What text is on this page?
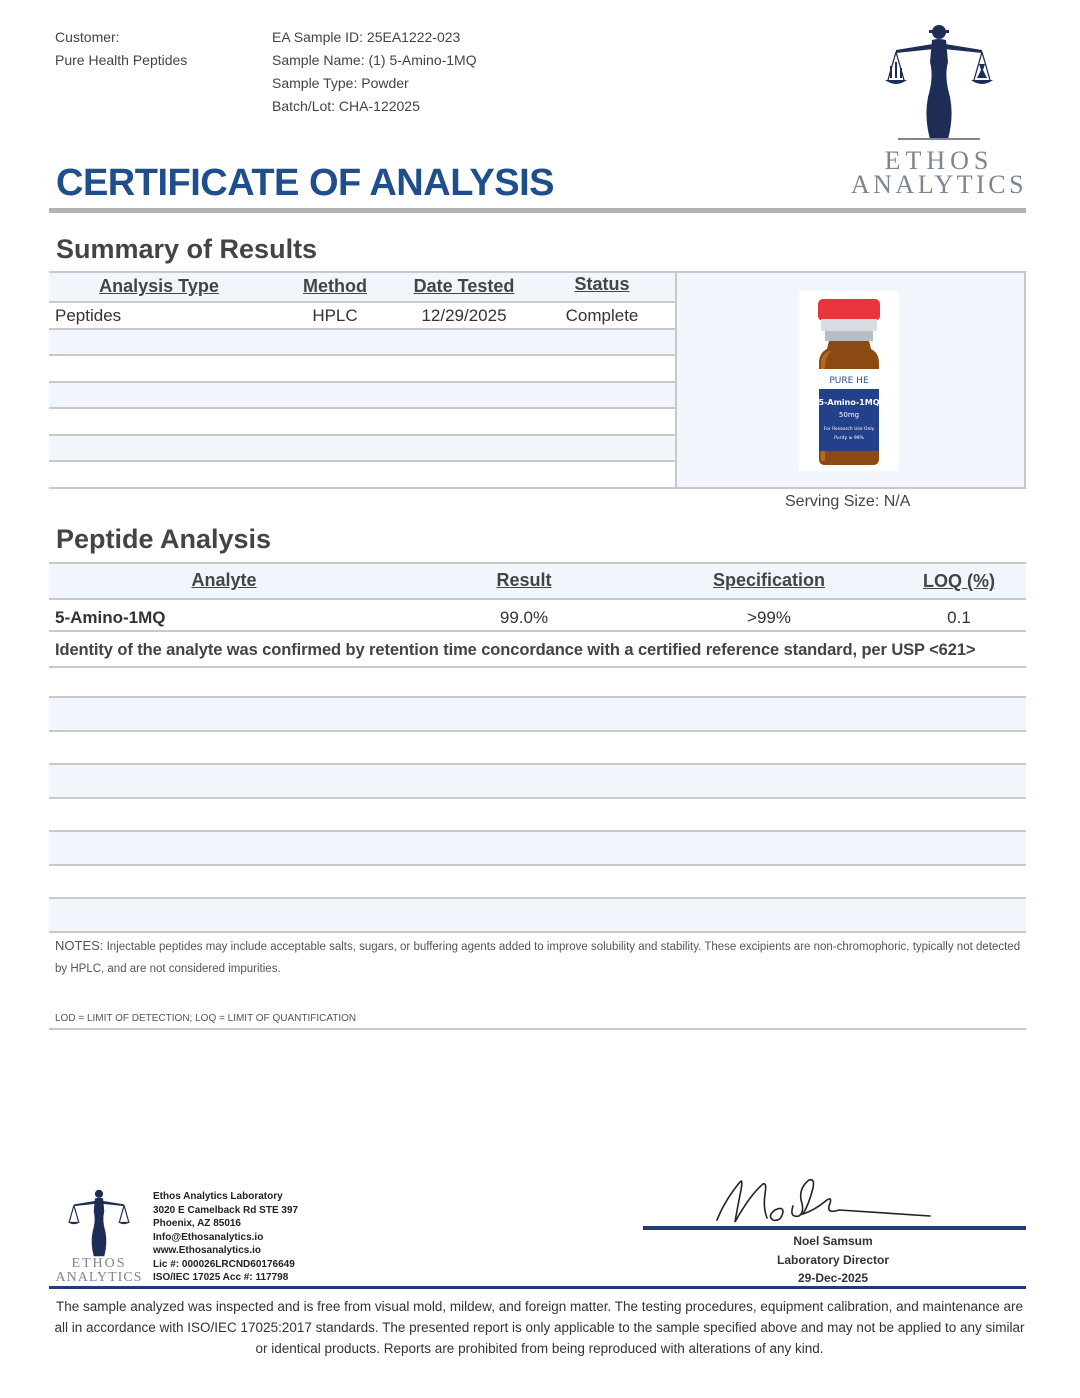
Customer:
Pure Health Peptides
EA Sample ID: 25EA1222-023
Sample Name: (1) 5-Amino-1MQ
Sample Type: Powder
Batch/Lot: CHA-122025
ETHOS
ANALYTICS
CERTIFICATE OF ANALYSIS
Summary of Results
Analysis Type	Method	Date Tested	Status
Peptides	HPLC	12/29/2025	Complete
PURE HE
5-Amino-1MQ
50mg
For Research Use Only
Purity ≥ 99%
Serving Size: N/A
Peptide Analysis
Analyte	Result	Specification	LOQ (%)
5-Amino-1MQ	99.0%	>99%	0.1
Identity of the analyte was confirmed by retention time concordance with a certified reference standard, per USP <621>
NOTES: Injectable peptides may include acceptable salts, sugars, or buffering agents added to improve solubility and stability. These excipients are non-chromophoric, typically not detected by HPLC, and are not considered impurities.
LOD = LIMIT OF DETECTION; LOQ = LIMIT OF QUANTIFICATION
ETHOS
ANALYTICS
Ethos Analytics Laboratory
3020 E Camelback Rd STE 397
Phoenix, AZ 85016
Info@Ethosanalytics.io
www.Ethosanalytics.io
Lic #: 000026LRCND60176649
ISO/IEC 17025 Acc #: 117798
Noel Samsum
Laboratory Director
29-Dec-2025
The sample analyzed was inspected and is free from visual mold, mildew, and foreign matter. The testing procedures, equipment calibration, and maintenance are all in accordance with ISO/IEC 17025:2017 standards. The presented report is only applicable to the sample specified above and may not be applied to any similar or identical products. Reports are prohibited from being reproduced with alterations of any kind.
